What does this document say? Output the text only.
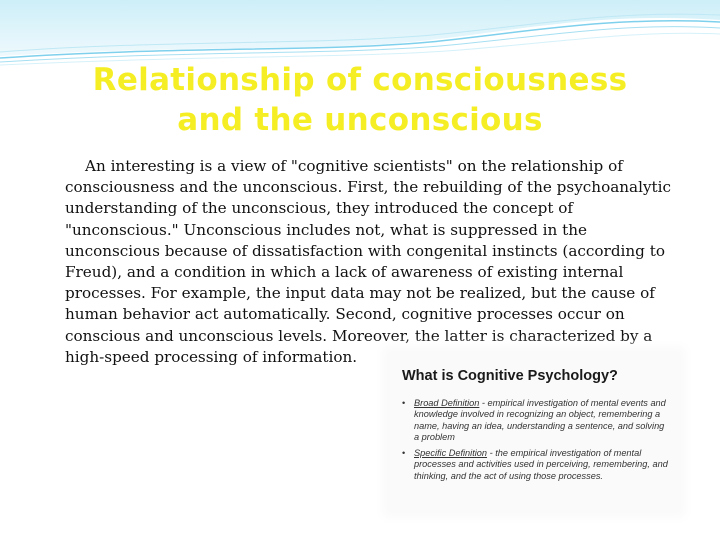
Relationship of consciousness
and the unconscious

An interesting is a view of "cognitive scientists" on the relationship of consciousness and the unconscious. First, the rebuilding of the psychoanalytic understanding of the unconscious, they introduced the concept of "unconscious." Unconscious includes not, what is suppressed in the unconscious because of dissatisfaction with congenital instincts (according to Freud), and a condition in which a lack of awareness of existing internal processes. For example, the input data may not be realized, but the cause of human behavior act automatically. Second, cognitive processes occur on conscious and unconscious levels. Moreover, the latter is characterized by a high-speed processing of information.

What is Cognitive Psychology?
• Broad Definition - empirical investigation of mental events and knowledge involved in recognizing an object, remembering a name, having an idea, understanding a sentence, and solving a problem
• Specific Definition - the empirical investigation of mental processes and activities used in perceiving, remembering, and thinking, and the act of using those processes.
